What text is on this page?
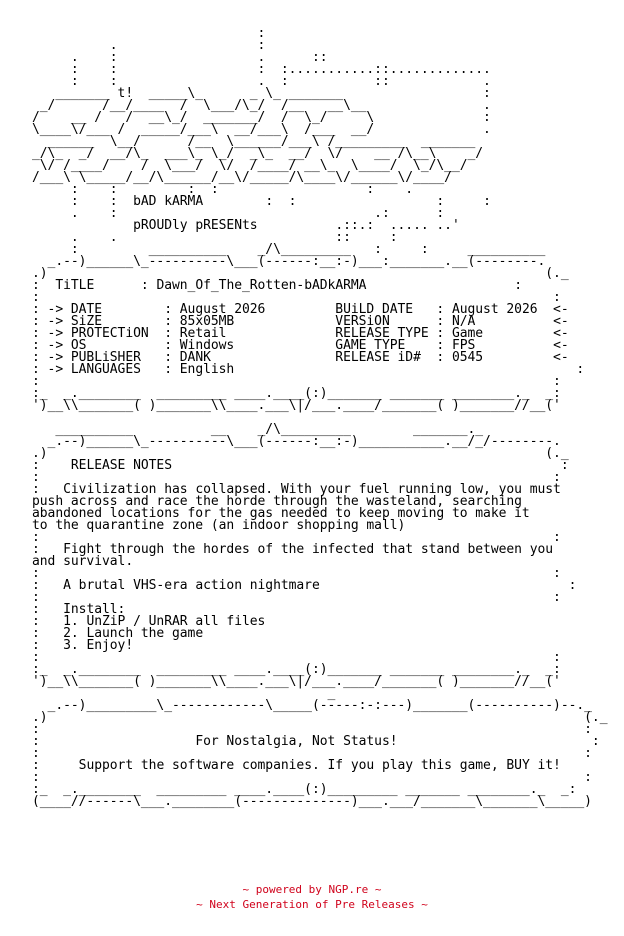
:
.                  :
.    :                  .      ::
:    :                  :  :...........::.............
:    :                  .  :           ::            .
_______ t!  _____\_      _ \_ _______                  :
_/      /__/____  /  \___/\_/  /__   __\__               .
/    __ /   /  __\_/  _______/  /  \_/     \              :
\____\/___ /  _____/___\  __/___\  /___  __/              .
______  \__/      /__  \______/___\ /_________  _______
_/\_  _/  __/\_  ___\_ \_/  _\_  __/  \/    __ /\__\    _/
\/ /____/    /  \___/  \/  /____/ __\_  \____/  \_/\__/
/___\ \_____/__/\______/__\/_____/\____\/______\/____/
:    :         :  :                   :    .
:    :  bAD kARMA	:  :                  :     :
.    :                                 .:      :
pROUDly pRESENts	.::.:  ..... ..'
.    .                            ::     :
:         __________    _/\_________   :     :     __________
_.--)______\_----------\___(------:__:-)___:_______.__(--------.
.)                                                                (._
:  TiTLE      : Dawn_Of_The_Rotten-bADkARMA	:
:                                                                  :
: -> DATE        : August 2026         BUiLD DATE   : August 2026  <-
: -> SiZE        : 85x05MB             VERSiON      : N/A	<-
: -> PROTECTiON  : Retail              RELEASE TYPE : Game	<-
: -> OS          : Windows             GAME TYPE    : FPS	<-
: -> PUBLiSHER   : DANK                RELEASE iD#  : 0545	<-
: -> LANGUAGES   : English                                            :
:                                                                  :
:_  _.________  _________ ____.____(:)_______ _______ ________._  _:
')__\\_______( )_______\\____.___\|/___.____/_______( )_______//__('

__________          __    _/\_________        _______._
_.--)______\_----------\___(------:__:-)___________.__/_/--------.
.)                                                                (._
:    RELEASE NOTES	:
:                                                                  :
:   Civilization has collapsed. With your fuel running low, you must
push across and race the horde through the wasteland, searching
abandoned locations for the gas needed to keep moving to make it
to the quarantine zone (an indoor shopping mall)
:                                                                  :
:   Fight through the hordes of the infected that stand between you
and survival.
:                                                                  :
:   A brutal VHS-era action nightmare	:
:                                                                  :
:   Install:
:   1. UnZiP / UnRAR all files
:   2. Launch the game
:   3. Enjoy!
:                                                                  :
:_  _.________  _________ ____.____(:)_______ _______ ________._  _:
')__\\_______( )_______\\____.___\|/___.____/_______( )_______//__('
_
_.--)_________\_------------\_____(-----:-:---)_______(----------)--._
.)                                                                     (._
:                                                                      :
:	For Nostalgia, Not Status!	:
:                                                                      :
:	Support the software companies. If you play this game, BUY it!
:                                                                      :
:_  _.________  _________ ____.____(:)_________ _______ ________._  _:
(____//------\___.________(--------------)___.___/_______\_______\_____)

~ powered by NGP.re ~
~ Next Generation of Pre Releases ~
